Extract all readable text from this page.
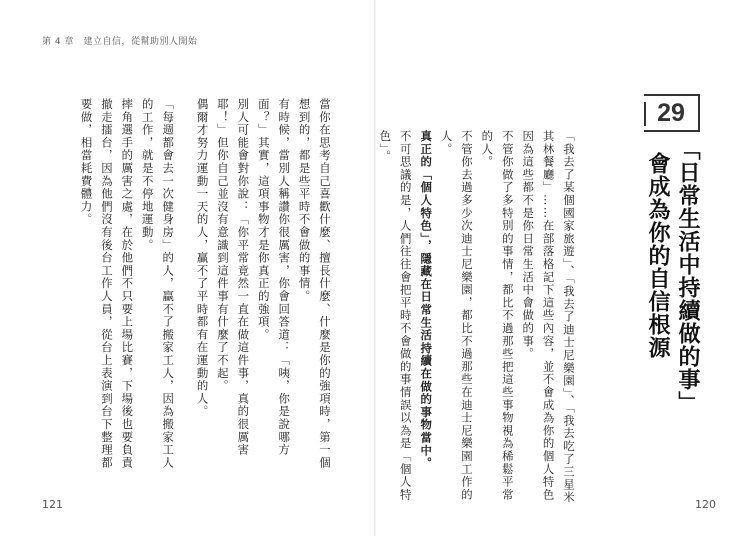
第 4 章　建立自信，從幫助別人開始
121	120
29
「日常生活中持續做的事」
會成為你的自信根源

「我去了某個國家旅遊」、「我去了迪士尼樂園」、「我去吃了三星米其林餐廳」……在部落格記下這些內容，並不會成為你的個人特色

因為這些都不是你日常生活中會做的事。

不管你做了多特別的事情，都比不過那些把這些事物視為稀鬆平常的人。

不管你去過多少次迪士尼樂園，都比不過那些在迪士尼樂園工作的人。

真正的「個人特色」，隱藏在日常生活持續在做的事物當中。

不可思議的是，人們往往會把平時不會做的事情誤以為是「個人特色」。

當你在思考自己喜歡什麼、擅長什麼、什麼是你的強項時，第一個想到的，都是些平時不會做的事情。

有時候，當別人稱讚你很厲害，你會回答道：「咦，你是說哪方面？」其實，這項事物才是你真正的強項。

別人可能會對你說：「你平常竟然一直在做這件事，真的很厲害耶！」但你自己並沒有意識到這件事有什麼了不起。

偶爾才努力運動一天的人，贏不了平時都有在運動的人。

「每週都會去一次健身房」的人，贏不了搬家工人，因為搬家工人的工作，就是不停地運動。

摔角選手的厲害之處，在於他們不只要上場比賽，下場後也要負責撤走擂台，因為他們沒有後台工作人員，從台上表演到台下整理都要做，相當耗費體力。
